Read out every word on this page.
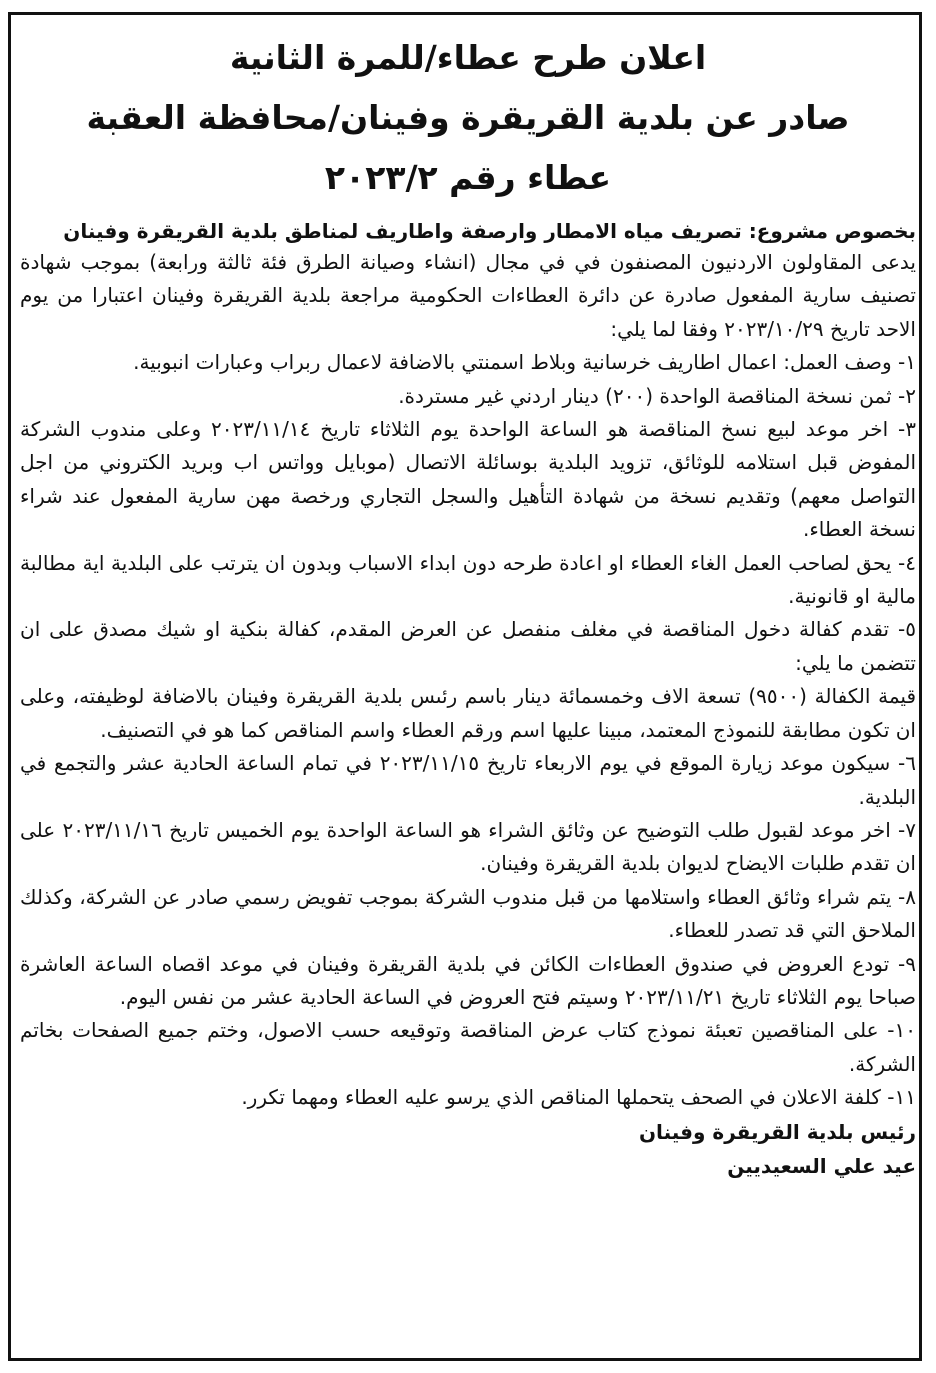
اعلان طرح عطاء/للمرة الثانية
صادر عن بلدية القريقرة وفينان/محافظة العقبة
عطاء رقم ٢٠٢٣/٢
بخصوص مشروع: تصريف مياه الامطار وارصفة واطاريف لمناطق بلدية القريقرة وفينان

يدعى المقاولون الاردنيون المصنفون في في مجال (انشاء وصيانة الطرق فئة ثالثة ورابعة) بموجب شهادة تصنيف سارية المفعول صادرة عن دائرة العطاءات الحكومية مراجعة بلدية القريقرة وفينان اعتبارا من يوم الاحد تاريخ ٢٠٢٣/١٠/٢٩ وفقا لما يلي:

١- وصف العمل: اعمال اطاريف خرسانية وبلاط اسمنتي بالاضافة لاعمال ربراب وعبارات انبوبية.

٢- ثمن نسخة المناقصة الواحدة (٢٠٠) دينار اردني غير مستردة.

٣- اخر موعد لبيع نسخ المناقصة هو الساعة الواحدة يوم الثلاثاء تاريخ ٢٠٢٣/١١/١٤ وعلى مندوب الشركة المفوض قبل استلامه للوثائق، تزويد البلدية بوسائلة الاتصال (موبايل وواتس اب وبريد الكتروني من اجل التواصل معهم) وتقديم نسخة من شهادة التأهيل والسجل التجاري ورخصة مهن سارية المفعول عند شراء نسخة العطاء.

٤- يحق لصاحب العمل الغاء العطاء او اعادة طرحه دون ابداء الاسباب وبدون ان يترتب على البلدية اية مطالبة مالية او قانونية.

٥- تقدم كفالة دخول المناقصة في مغلف منفصل عن العرض المقدم، كفالة بنكية او شيك مصدق على ان تتضمن ما يلي:

قيمة الكفالة (٩٥٠٠) تسعة الاف وخمسمائة دينار باسم رئىس بلدية القريقرة وفينان بالاضافة لوظيفته، وعلى ان تكون مطابقة للنموذج المعتمد، مبينا عليها اسم ورقم العطاء واسم المناقص كما هو في التصنيف.

٦- سيكون موعد زيارة الموقع في يوم الاربعاء تاريخ ٢٠٢٣/١١/١٥ في تمام الساعة الحادية عشر والتجمع في البلدية.

٧- اخر موعد لقبول طلب التوضيح عن وثائق الشراء هو الساعة الواحدة يوم الخميس تاريخ ٢٠٢٣/١١/١٦ على ان تقدم طلبات الايضاح لديوان بلدية القريقرة وفينان.

٨- يتم شراء وثائق العطاء واستلامها من قبل مندوب الشركة بموجب تفويض رسمي صادر عن الشركة، وكذلك الملاحق التي قد تصدر للعطاء.

٩- تودع العروض في صندوق العطاءات الكائن في بلدية القريقرة وفينان في موعد اقصاه الساعة العاشرة صباحا يوم الثلاثاء تاريخ ٢٠٢٣/١١/٢١ وسيتم فتح العروض في الساعة الحادية عشر من نفس اليوم.

١٠- على المناقصين تعبئة نموذج كتاب عرض المناقصة وتوقيعه حسب الاصول، وختم جميع الصفحات بخاتم الشركة.

١١- كلفة الاعلان في الصحف يتحملها المناقص الذي يرسو عليه العطاء ومهما تكرر.

رئيس بلدية القريقرة وفينان

عيد علي السعيديين
